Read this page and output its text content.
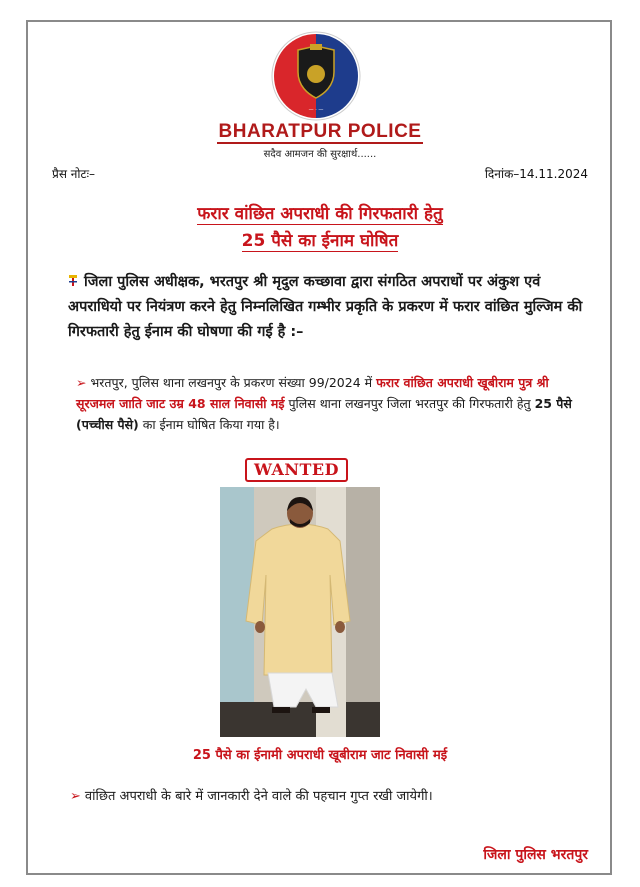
— · —
BHARATPUR POLICE
सदैव आमजन की सुरक्षार्थ......
प्रैस नोटः–	दिनांक–14.11.2024
फरार वांछित अपराधी की गिरफतारी हेतु
25 पैसे का ईनाम घोषित
जिला पुलिस अधीक्षक, भरतपुर श्री मृदुल कच्छावा द्वारा संगठित अपराधों पर अंकुश एवं अपराधियो पर नियंत्रण करने हेतु निम्नलिखित गम्भीर प्रकृति के प्रकरण में फरार वांछित मुल्जिम की गिरफतारी हेतु ईनाम की घोषणा की गई है :–
➢ भरतपुर, पुलिस थाना लखनपुर के प्रकरण संख्या 99/2024 में फरार वांछित अपराधी खूबीराम पुत्र श्री सूरजमल जाति जाट उम्र 48 साल निवासी मई पुलिस थाना लखनपुर जिला भरतपुर की गिरफतारी हेतु 25 पैसे (पच्चीस पैसे) का ईनाम घोषित किया गया है।
WANTED
25 पैसे का ईनामी अपराधी खूबीराम जाट निवासी मई
➢ वांछित अपराधी के बारे में जानकारी देने वाले की पहचान गुप्त रखी जायेगी।
जिला पुलिस भरतपुर
